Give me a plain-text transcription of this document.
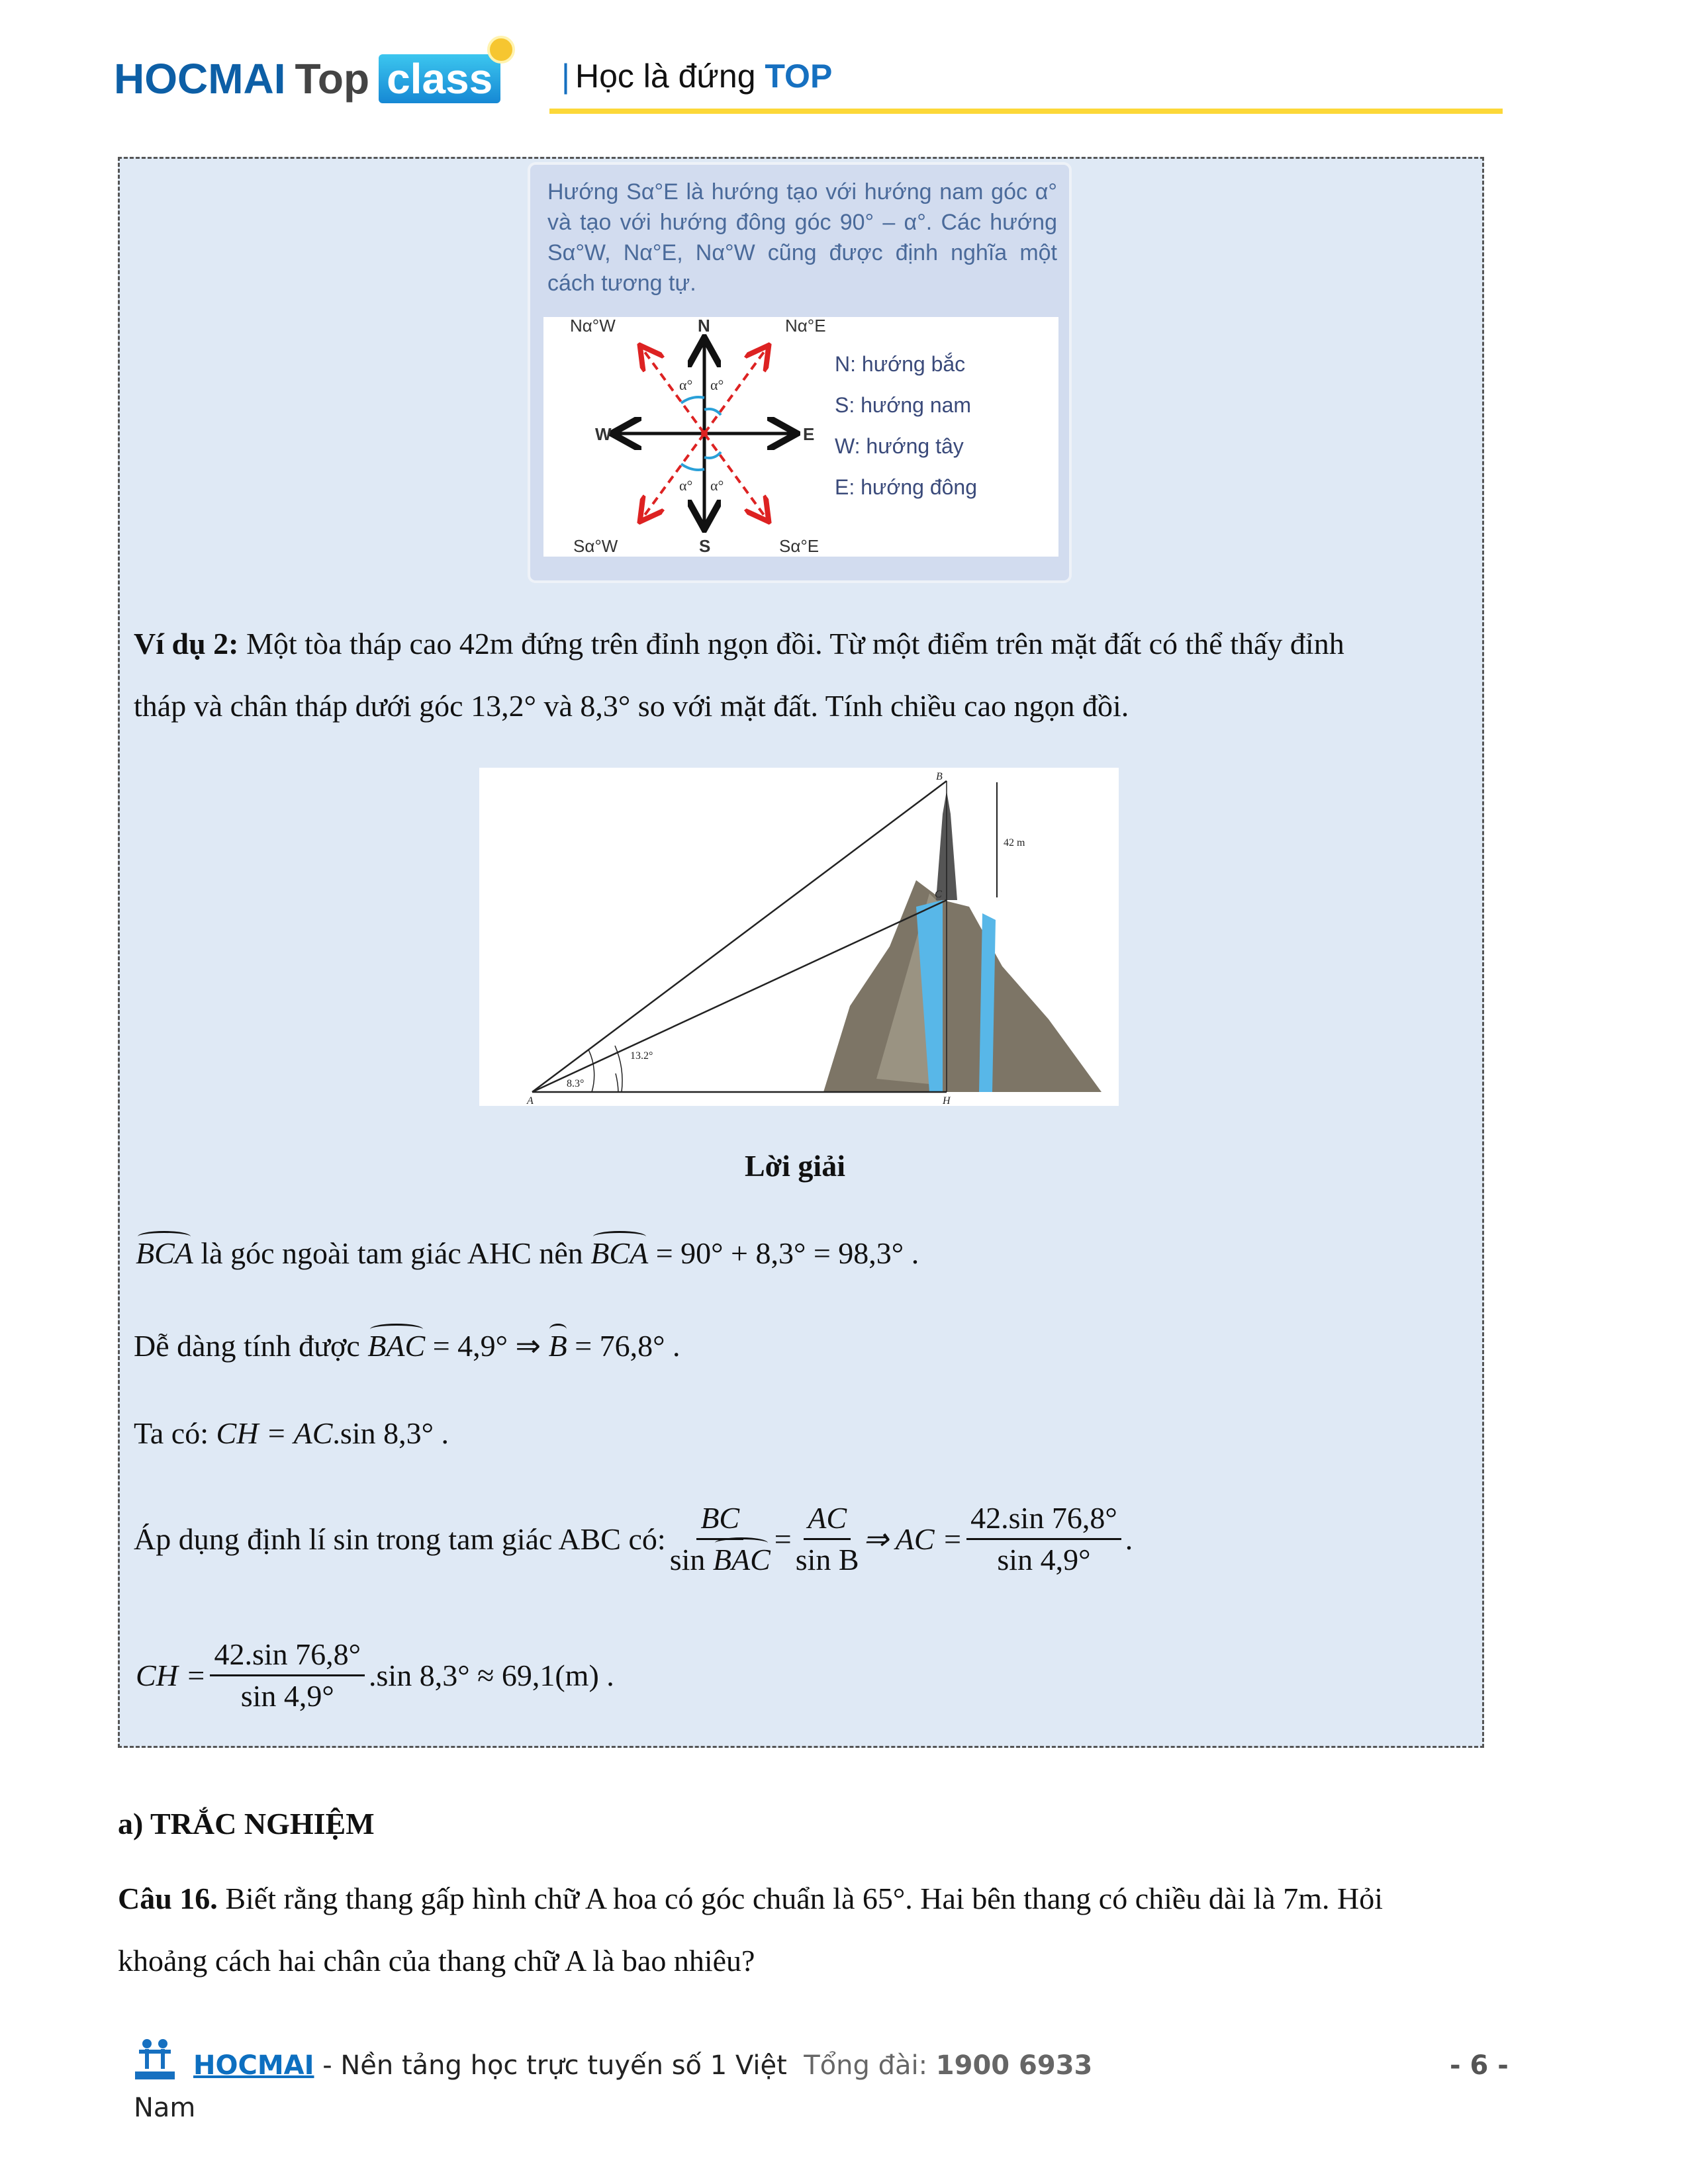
HOCMAI Top class | Học là đứng TOP
Hướng Sα°E là hướng tạo với hướng nam góc α° và tạo với hướng đông góc 90° – α°. Các hướng Sα°W, Nα°E, Nα°W cũng được định nghĩa một cách tương tự.
Nα°W	N	Nα°E
W	E
Sα°W	S	Sα°E
α° α°
α° α°
N: hướng bắc
S: hướng nam
W: hướng tây
E: hướng đông
Ví dụ 2: Một tòa tháp cao 42m đứng trên đỉnh ngọn đồi. Từ một điểm trên mặt đất có thể thấy đỉnh
tháp và chân tháp dưới góc 13,2° và 8,3° so với mặt đất. Tính chiều cao ngọn đồi.
B
C
A	H
42 m
13.2°
8.3°
Lời giải
BCA là góc ngoài tam giác AHC nên BCA = 90° + 8,3° = 98,3° .
Dễ dàng tính được BAC = 4,9° ⇒ B = 76,8° .
Ta có: CH = AC.sin 8,3° .
Áp dụng định lí sin trong tam giác ABC có: $\frac{BC}{\text{sin BAC}} = \frac{AC}{\text{sin B}}$ ⇒ AC = $\frac{42.\sin 76,8^\circ}{\sin 4,9^\circ}$ .
CH = $\frac{42.\sin 76,8^\circ}{\sin 4,9^\circ} .\sin$ 8,3° ≈ 69,1(m) .
a) TRẮC NGHIỆM
Câu 16. Biết rằng thang gấp hình chữ A hoa có góc chuẩn là 65°. Hai bên thang có chiều dài là 7m. Hỏi
khoảng cách hai chân của thang chữ A là bao nhiêu?
HOCMAI - Nền tảng học trực tuyến số 1 Việt Tổng đài: 1900 6933	- 6 -
Nam
